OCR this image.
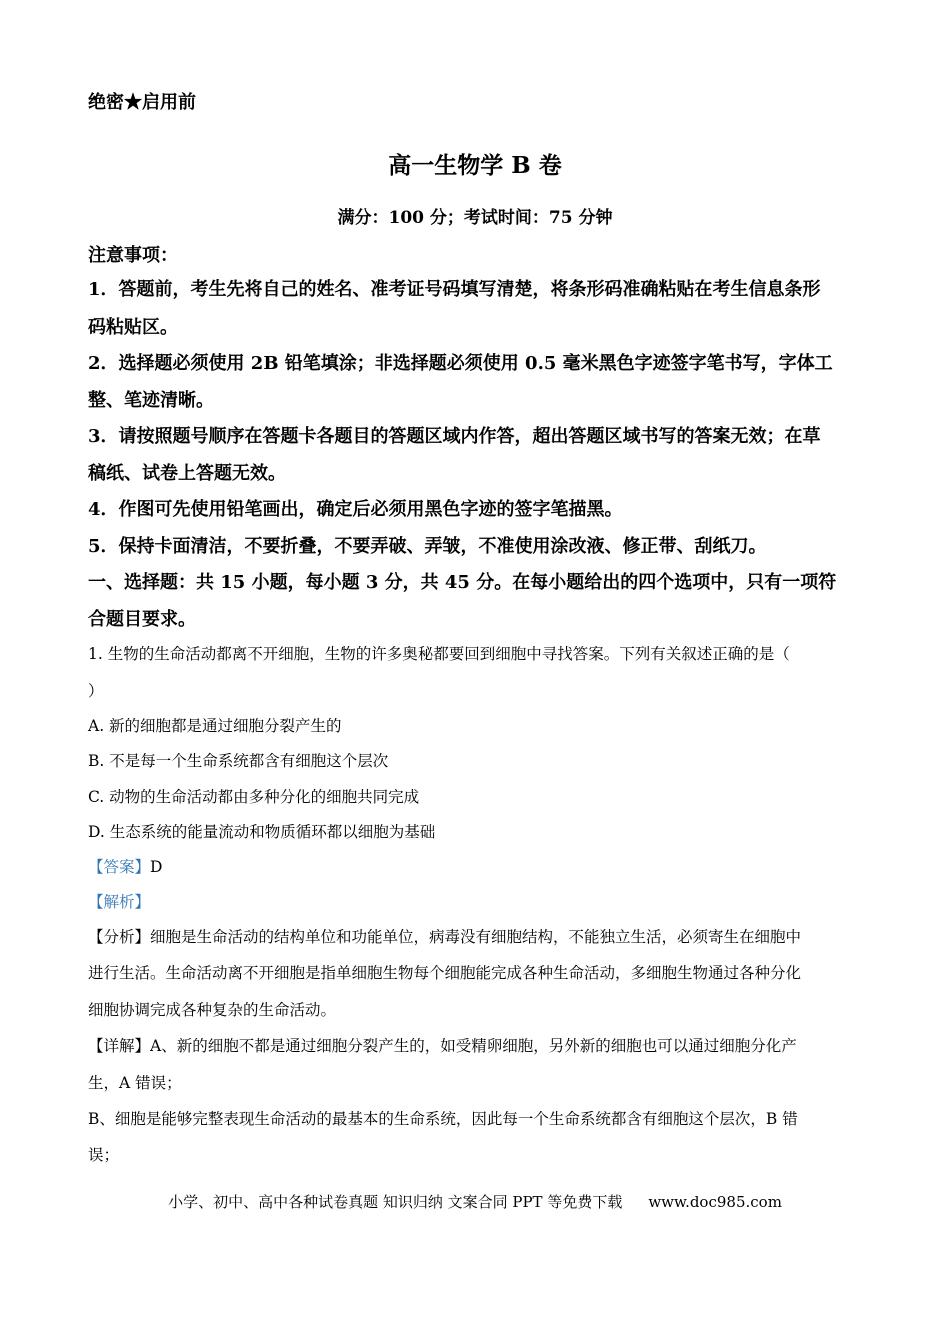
绝密★启用前
高一生物学 B 卷
满分：100 分；考试时间：75 分钟
注意事项：
1．答题前，考生先将自己的姓名、准考证号码填写清楚，将条形码准确粘贴在考生信息条形
码粘贴区。
2．选择题必须使用 2B 铅笔填涂；非选择题必须使用 0.5 毫米黑色字迹签字笔书写，字体工
整、笔迹清晰。
3．请按照题号顺序在答题卡各题目的答题区域内作答，超出答题区域书写的答案无效；在草
稿纸、试卷上答题无效。
4．作图可先使用铅笔画出，确定后必须用黑色字迹的签字笔描黑。
5．保持卡面清洁，不要折叠，不要弄破、弄皱，不准使用涂改液、修正带、刮纸刀。
一、选择题：共 15 小题，每小题 3 分，共 45 分。在每小题给出的四个选项中，只有一项符
合题目要求。
1. 生物的生命活动都离不开细胞，生物的许多奥秘都要回到细胞中寻找答案。下列有关叙述正确的是（
）
A. 新的细胞都是通过细胞分裂产生的
B. 不是每一个生命系统都含有细胞这个层次
C. 动物的生命活动都由多种分化的细胞共同完成
D. 生态系统的能量流动和物质循环都以细胞为基础
【答案】D
【解析】
【分析】细胞是生命活动的结构单位和功能单位，病毒没有细胞结构，不能独立生活，必须寄生在细胞中
进行生活。生命活动离不开细胞是指单细胞生物每个细胞能完成各种生命活动，多细胞生物通过各种分化
细胞协调完成各种复杂的生命活动。
【详解】A、新的细胞不都是通过细胞分裂产生的，如受精卵细胞，另外新的细胞也可以通过细胞分化产
生，A 错误；
B、细胞是能够完整表现生命活动的最基本的生命系统，因此每一个生命系统都含有细胞这个层次，B 错
误；
小学、初中、高中各种试卷真题 知识归纳 文案合同 PPT 等免费下载 www.doc985.com
